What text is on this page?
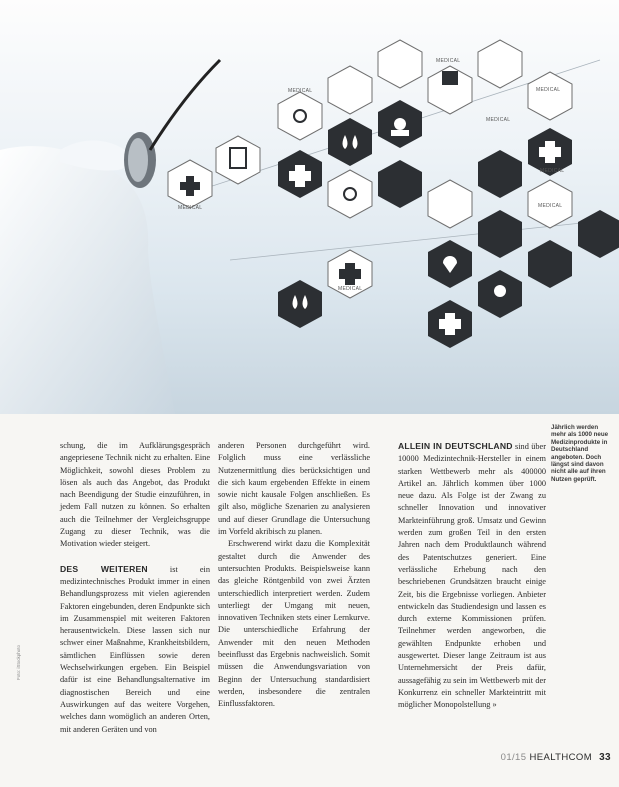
MEDICAL
MEDICAL
MEDICAL
MEDICAL
MEDICAL
MEDICAL
MEDICAL
MEDICAL
Jährlich werden mehr als 1000 neue Medizinprodukte in Deutschland angeboten. Doch längst sind davon nicht alle auf ihren Nutzen geprüft.
Foto: iStockphoto

schung, die im Aufklärungsgespräch angepriesene Technik nicht zu erhalten. Eine Möglichkeit, sowohl dieses Problem zu lösen als auch das Angebot, das Produkt nach Beendigung der Studie einzuführen, in jedem Fall nutzen zu können. So erhalten auch die Teilnehmer der Vergleichsgruppe Zugang zu dieser Technik, was die Motivation wieder steigert.

DES WEITEREN ist ein medizintechnisches Produkt immer in einen Behandlungsprozess mit vielen agierenden Faktoren eingebunden, deren Endpunkte sich im Zusammenspiel mit weiteren Faktoren herausentwickeln. Diese lassen sich nur schwer einer Maßnahme, Krankheitsbildern, sämtlichen Einflüssen sowie deren Wechselwirkungen ergeben. Ein Beispiel dafür ist eine Behandlungsalternative im diagnostischen Bereich und eine Auswirkungen auf das weitere Vorgehen, welches dann womöglich an anderen Orten, mit anderen Geräten und von

anderen Personen durchgeführt wird. Folglich muss eine verlässliche Nutzenermittlung dies berücksichtigen und die sich kaum ergebenden Effekte in einem sowie nicht kausale Folgen anschließen. Es gilt also, mögliche Szenarien zu analysieren und auf dieser Grundlage die Untersuchung im Vorfeld akribisch zu planen.

Erschwerend wirkt dazu die Komplexität gestaltet durch die Anwender des untersuchten Produkts. Beispielsweise kann das gleiche Röntgenbild von zwei Ärzten unterschiedlich interpretiert werden. Zudem unterliegt der Umgang mit neuen, innovativen Techniken stets einer Lernkurve. Die unterschiedliche Erfahrung der Anwender mit den neuen Methoden beeinflusst das Ergebnis nachweislich. Somit müssen die Anwendungsvariation von Beginn der Untersuchung standardisiert werden, insbesondere die zentralen Einflussfaktoren.

ALLEIN IN DEUTSCHLAND sind über 10000 Medizintechnik-Hersteller in einem starken Wettbewerb mehr als 400000 Artikel an. Jährlich kommen über 1000 neue dazu. Als Folge ist der Zwang zu schneller Innovation und innovativer Markteinführung groß. Umsatz und Gewinn werden zum großen Teil in den ersten Jahren nach dem Produktlaunch während des Patentschutzes generiert. Eine verlässliche Erhebung nach den beschriebenen Grundsätzen braucht einige Zeit, bis die Ergebnisse vorliegen. Anbieter entwickeln das Studiendesign und lassen es durch externe Kommissionen prüfen. Teilnehmer werden angeworben, die gewählten Endpunkte erhoben und ausgewertet. Dieser lange Zeitraum ist aus Unternehmersicht der Preis dafür, aussagefähig zu sein im Wettbewerb mit der Konkurrenz ein schneller Markteintritt mit möglicher Monopolstellung »

01/15 HEALTHCOM 33
